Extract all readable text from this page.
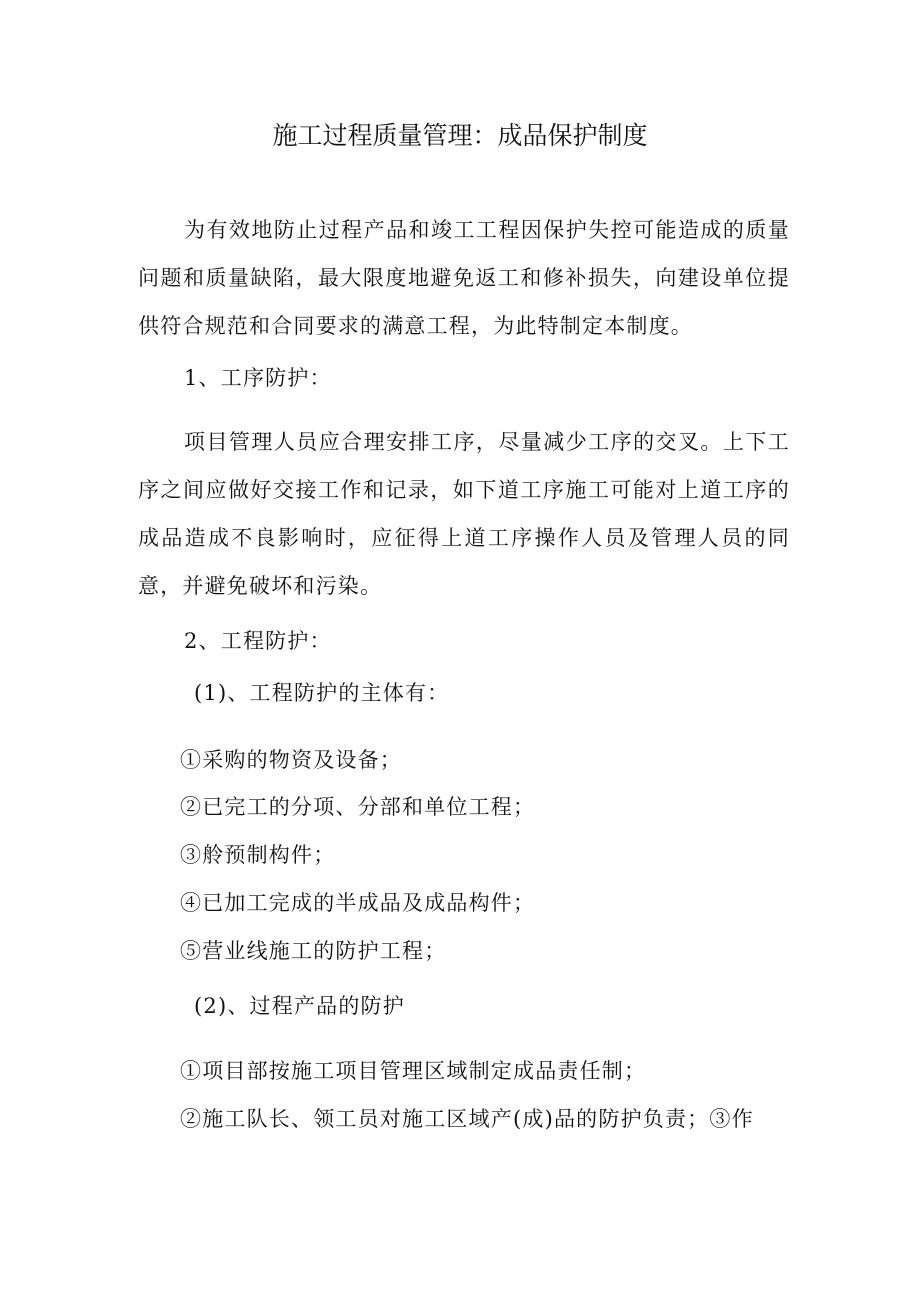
施工过程质量管理：成品保护制度

为有效地防止过程产品和竣工工程因保护失控可能造成的质量问题和质量缺陷，最大限度地避免返工和修补损失，向建设单位提供符合规范和合同要求的满意工程，为此特制定本制度。

1、工序防护：

项目管理人员应合理安排工序，尽量减少工序的交叉。上下工序之间应做好交接工作和记录，如下道工序施工可能对上道工序的成品造成不良影响时，应征得上道工序操作人员及管理人员的同意，并避免破坏和污染。

2、工程防护：

(1)、工程防护的主体有：

①采购的物资及设备；

②已完工的分项、分部和单位工程；

③舲预制构件；

④已加工完成的半成品及成品构件；

⑤营业线施工的防护工程；

(2)、过程产品的防护

①项目部按施工项目管理区域制定成品责任制；

②施工队长、领工员对施工区域产(成)品的防护负责；③作
